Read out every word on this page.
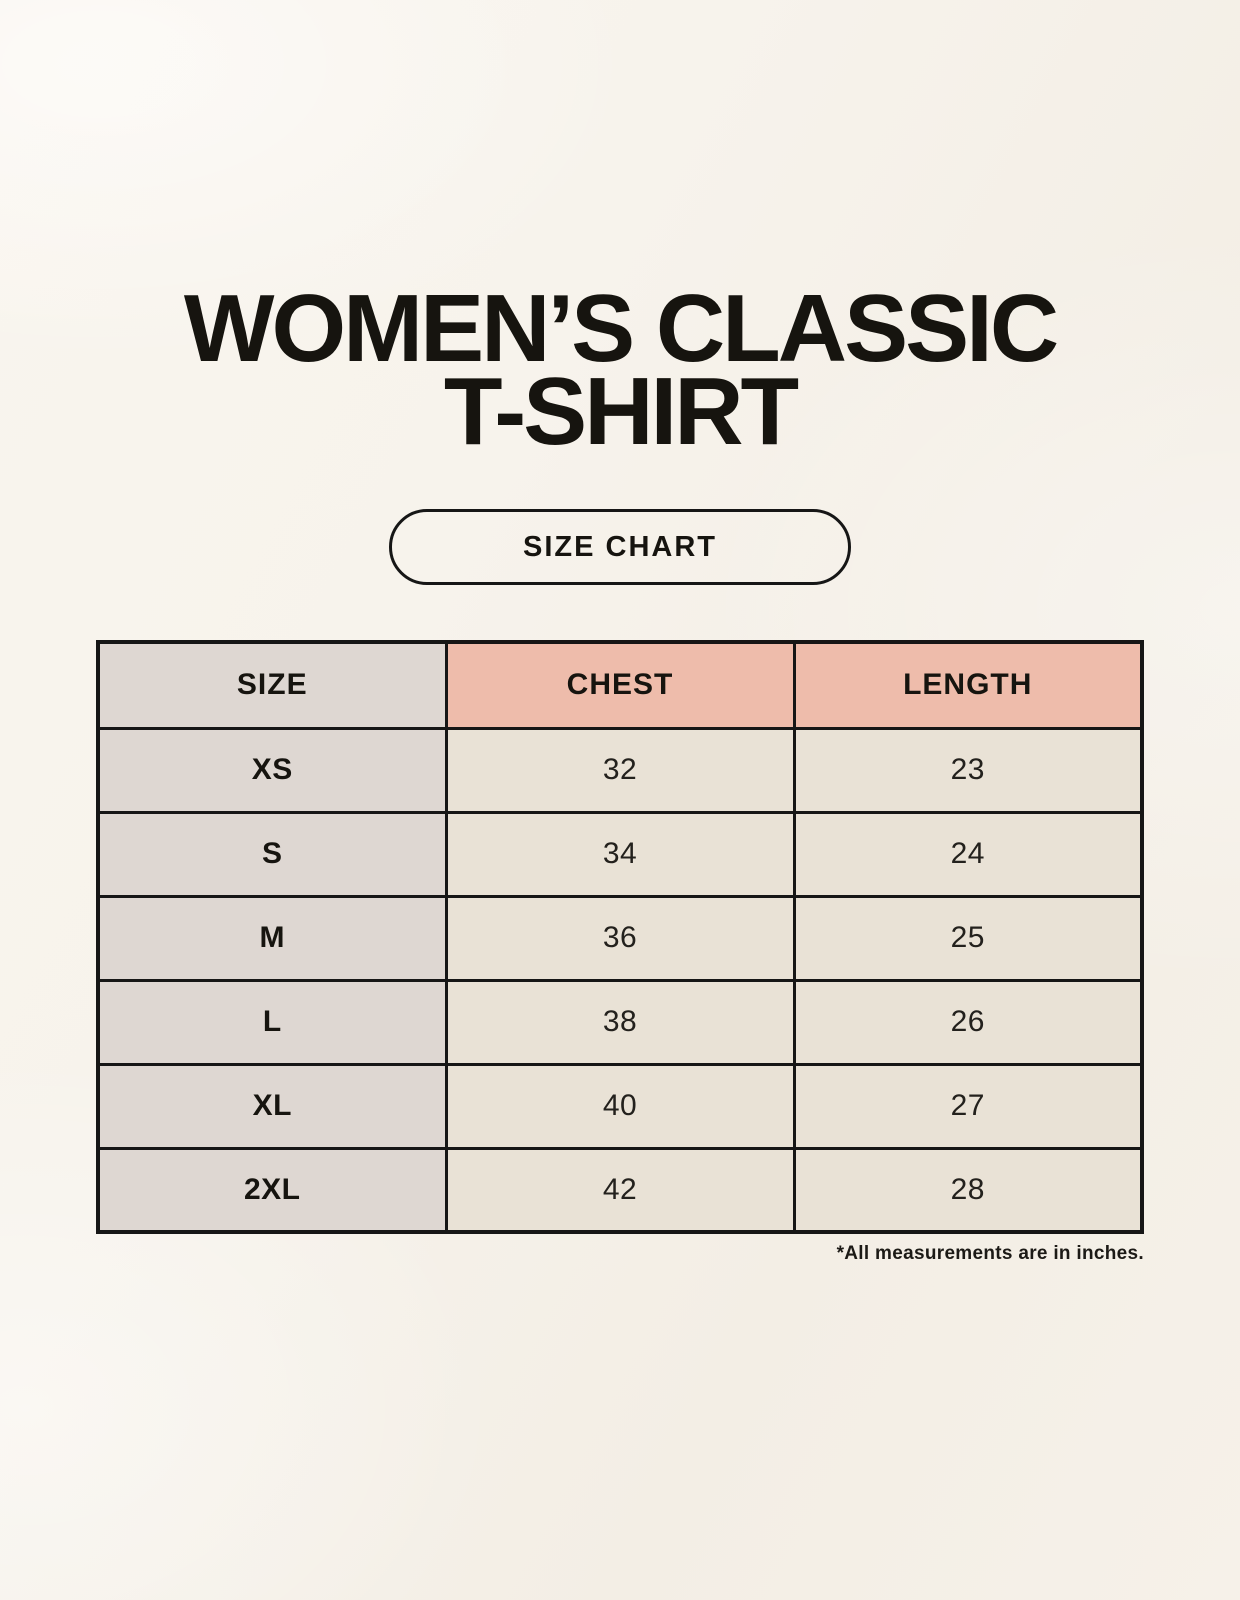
WOMEN’S CLASSIC
T-SHIRT
SIZE CHART
SIZE	CHEST	LENGTH
XS	32	23
S	34	24
M	36	25
L	38	26
XL	40	27
2XL	42	28
*All measurements are in inches.
